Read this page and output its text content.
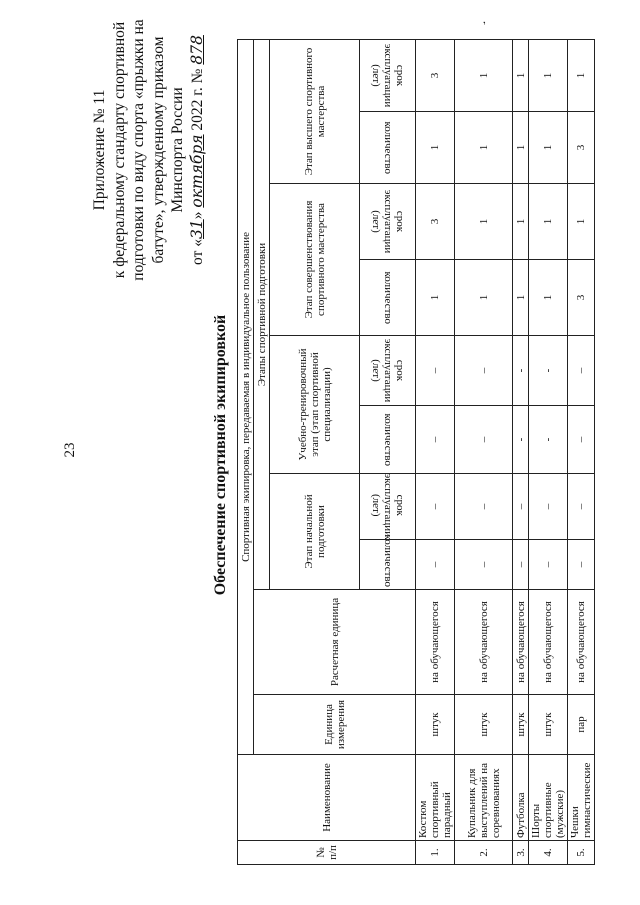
,
23
Приложение № 11 к федеральному стандарту спортивной подготовки по виду спорта «прыжки на батуте», утвержденному приказом Минспорта России
от «31» октября 2022 г. № 878
Обеспечение спортивной экипировкой
№ п/п	Наименование	Спортивная экипировка, передаваемая в индивидуальное пользование									
		Единица измерения	Расчетная единица	Этапы спортивной подготовки							
				Этап начальной подготовки		Учебно-тренировочный этап (этап спортивной специализации)		Этап совершенствования спортивного мастерства		Этап высшего спортивного мастерства	
				количество	срок эксплуатации (лет)	количество	срок эксплуатации (лет)	количество	срок эксплуатации (лет)	количество	срок эксплуатации (лет)
1.	Костюм спортивный парадный	штук	на обучающегося	–	–	–	–	1	3	1	3
2.	Купальник для выступлений на соревнованиях	штук	на обучающегося	–	–	–	–	1	1	1	1
3.	Футболка	штук	на обучающегося	–	–	-	-	1	1	1	1
4.	Шорты спортивные (мужские)	штук	на обучающегося	–	–	-	-	1	1	1	1
5.	Чешки гимнастические	пар	на обучающегося	–	–	–	–	3	1	3	1
